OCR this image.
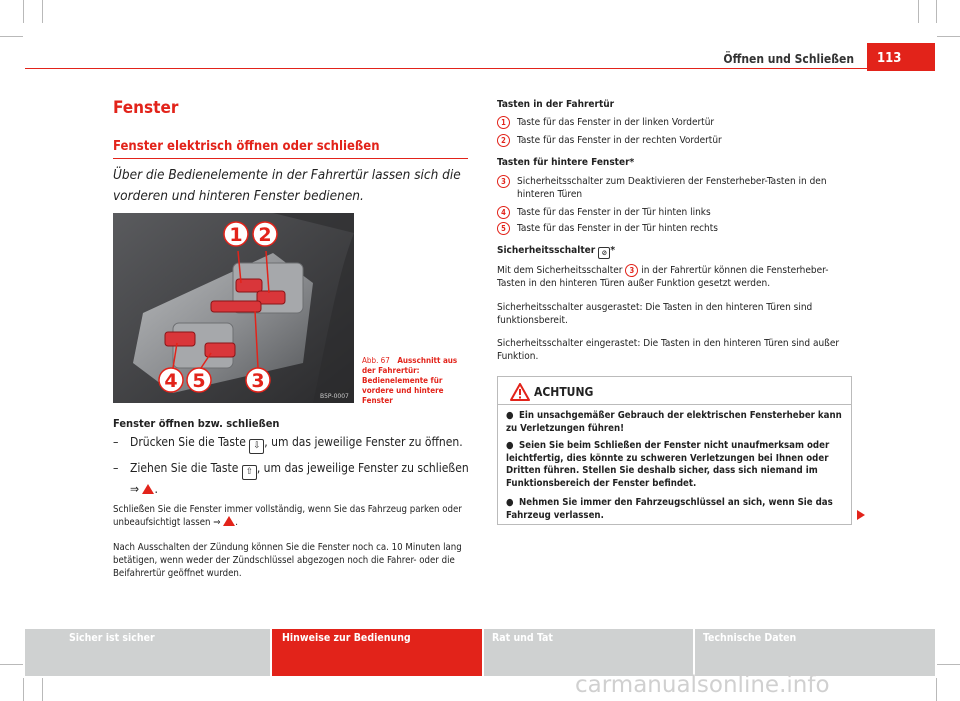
Öffnen und Schließen	113
Fenster
Fenster elektrisch öffnen oder schließen
Über die Bedienelemente in der Fahrertür lassen sich die vorderen und hinteren Fenster bedienen.
1 2
4 5 3
B5P-0007
Abb. 67 Ausschnitt aus der Fahrertür: Bedienelemente für vordere und hintere Fenster
Fenster öffnen bzw. schließen
– Drücken Sie die Taste ⇩ , um das jeweilige Fenster zu öffnen.
– Ziehen Sie die Taste ⇧ , um das jeweilige Fenster zu schließen
⇒ .
Schließen Sie die Fenster immer vollständig, wenn Sie das Fahrzeug parken oder unbeaufsichtigt lassen ⇒ .
Nach Ausschalten der Zündung können Sie die Fenster noch ca. 10 Minuten lang betätigen, wenn weder der Zündschlüssel abgezogen noch die Fahrer- oder die Beifahrertür geöffnet wurden.
Tasten in der Fahrertür
1	Taste für das Fenster in der linken Vordertür
2	Taste für das Fenster in der rechten Vordertür
Tasten für hintere Fenster*
3	Sicherheitsschalter zum Deaktivieren der Fensterheber-Tasten in den hinteren Türen
4	Taste für das Fenster in der Tür hinten links
5	Taste für das Fenster in der Tür hinten rechts
Sicherheitsschalter ⊘ *
Mit dem Sicherheitsschalter 3 in der Fahrertür können die Fensterheber-Tasten in den hinteren Türen außer Funktion gesetzt werden.
Sicherheitsschalter ausgerastet: Die Tasten in den hinteren Türen sind funktionsbereit.
Sicherheitsschalter eingerastet: Die Tasten in den hinteren Türen sind außer Funktion.
ACHTUNG
● Ein unsachgemäßer Gebrauch der elektrischen Fensterheber kann zu Verletzungen führen!
● Seien Sie beim Schließen der Fenster nicht unaufmerksam oder leichtfertig, dies könnte zu schweren Verletzungen bei Ihnen oder Dritten führen. Stellen Sie deshalb sicher, dass sich niemand im Funktionsbereich der Fenster befindet.
● Nehmen Sie immer den Fahrzeugschlüssel an sich, wenn Sie das Fahrzeug verlassen.
Sicher ist sicher	Hinweise zur Bedienung	Rat und Tat	Technische Daten
carmanualsonline.info
